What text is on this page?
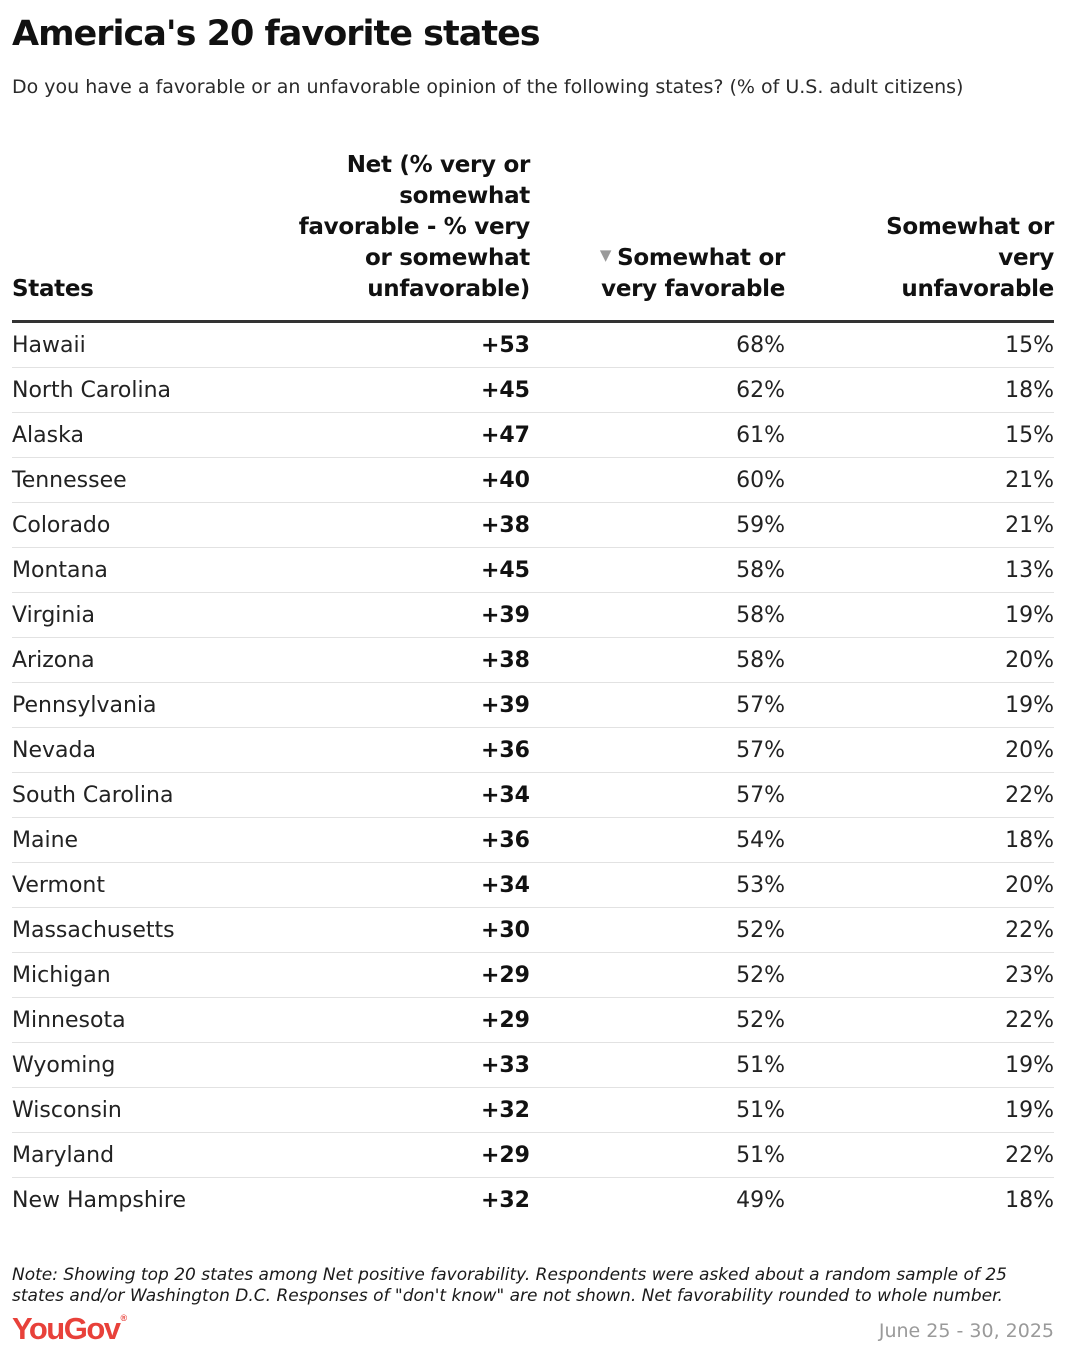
America's 20 favorite states

Do you have a favorable or an unfavorable opinion of the following states? (% of U.S. adult citizens)

States	Net (% very or somewhat favorable - % very or somewhat unfavorable)	▼ Somewhat or very favorable	Somewhat or very unfavorable
Hawaii	+53	68%	15%
North Carolina	+45	62%	18%
Alaska	+47	61%	15%
Tennessee	+40	60%	21%
Colorado	+38	59%	21%
Montana	+45	58%	13%
Virginia	+39	58%	19%
Arizona	+38	58%	20%
Pennsylvania	+39	57%	19%
Nevada	+36	57%	20%
South Carolina	+34	57%	22%
Maine	+36	54%	18%
Vermont	+34	53%	20%
Massachusetts	+30	52%	22%
Michigan	+29	52%	23%
Minnesota	+29	52%	22%
Wyoming	+33	51%	19%
Wisconsin	+32	51%	19%
Maryland	+29	51%	22%
New Hampshire	+32	49%	18%

Note: Showing top 20 states among Net positive favorability. Respondents were asked about a random sample of 25 states and/or Washington D.C. Responses of "don't know" are not shown. Net favorability rounded to whole number.

YouGov®
June 25 - 30, 2025
